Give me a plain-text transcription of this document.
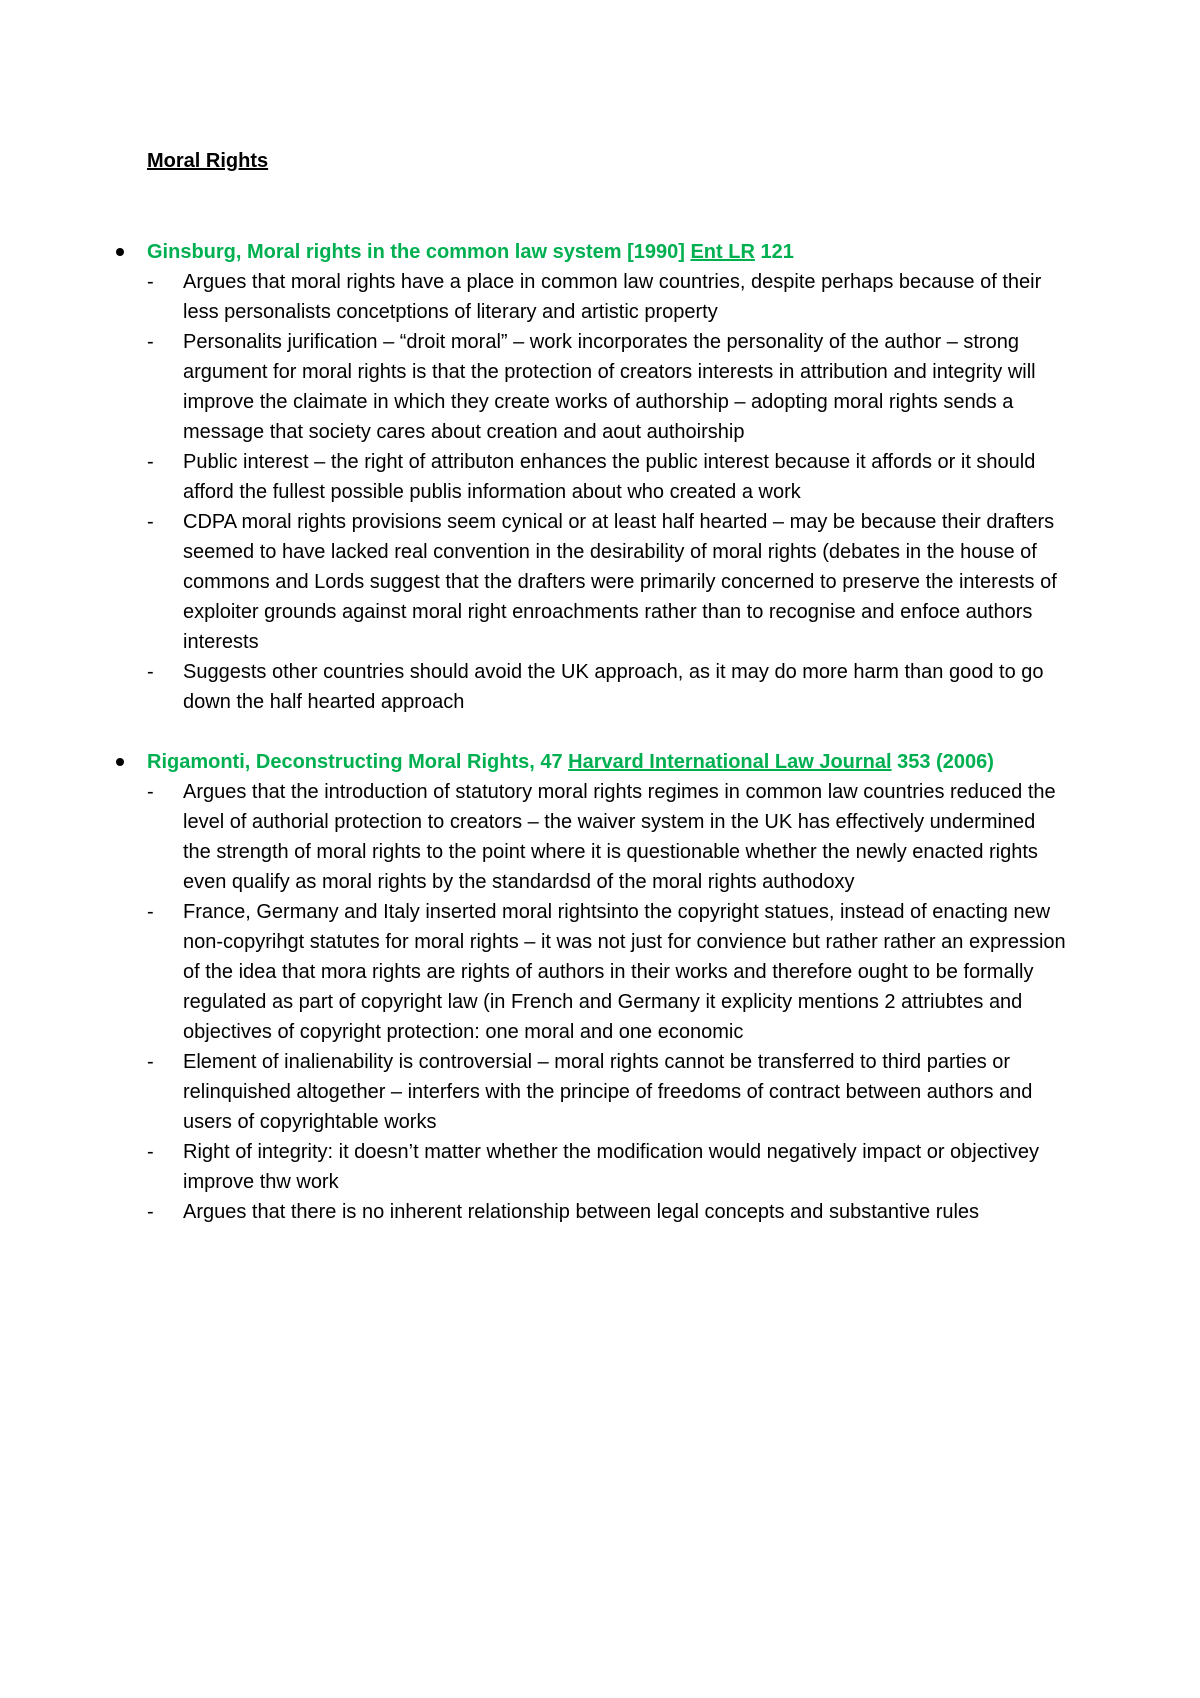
Moral Rights

Ginsburg, Moral rights in the common law system [1990] Ent LR 121

-	Argues that moral rights have a place in common law countries, despite perhaps because of their less personalists concetptions of literary and artistic property
-	Personalits jurification – “droit moral” – work incorporates the personality of the author – strong argument for moral rights is that the protection of creators interests in attribution and integrity will improve the claimate in which they create works of authorship – adopting moral rights sends a message that society cares about creation and aout authoirship
-	Public interest – the right of attributon enhances the public interest because it affords or it should afford the fullest possible publis information about who created a work
-	CDPA moral rights provisions seem cynical or at least half hearted – may be because their drafters seemed to have lacked real convention in the desirability of moral rights (debates in the house of commons and Lords suggest that the drafters were primarily concerned to preserve the interests of exploiter grounds against moral right enroachments rather than to recognise and enfoce authors interests
-	Suggests other countries should avoid the UK approach, as it may do more harm than good to go down the half hearted approach

Rigamonti, Deconstructing Moral Rights, 47 Harvard International Law Journal 353 (2006)

-	Argues that the introduction of statutory moral rights regimes in common law countries reduced the level of authorial protection to creators – the waiver system in the UK has effectively undermined the strength of moral rights to the point where it is questionable whether the newly enacted rights even qualify as moral rights by the standardsd of the moral rights authodoxy
-	France, Germany and Italy inserted moral rightsinto the copyright statues, instead of enacting new non-copyrihgt statutes for moral rights – it was not just for convience but rather rather an expression of the idea that mora rights are rights of authors in their works and therefore ought to be formally regulated as part of copyright law (in French and Germany it explicity mentions 2 attriubtes and objectives of copyright protection: one moral and one economic
-	Element of inalienability is controversial – moral rights cannot be transferred to third parties or relinquished altogether – interfers with the principe of freedoms of contract between authors and users of copyrightable works
-	Right of integrity: it doesn’t matter whether the modification would negatively impact or objectivey improve thw work
-	Argues that there is no inherent relationship between legal concepts and substantive rules
